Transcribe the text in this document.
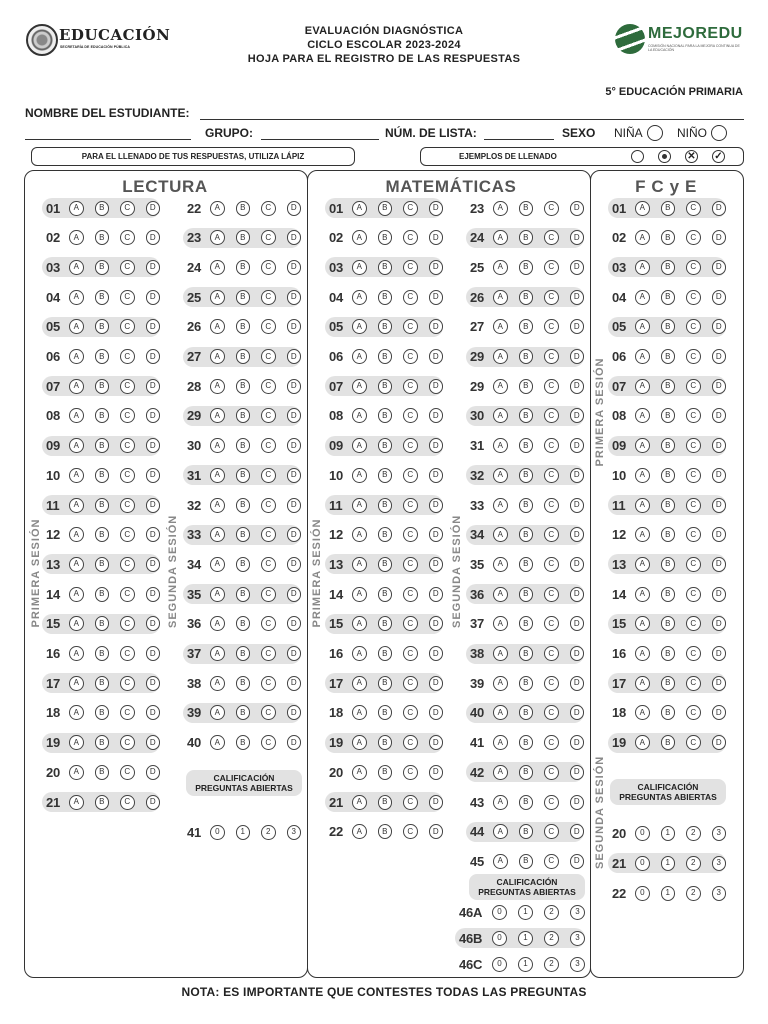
EDUCACIÓN
SECRETARÍA DE EDUCACIÓN PÚBLICA
EVALUACIÓN DIAGNÓSTICA
CICLO ESCOLAR 2023-2024
HOJA PARA EL REGISTRO DE LAS RESPUESTAS
MEJOREDU
COMISIÓN NACIONAL PARA LA MEJORA CONTINUA DE LA EDUCACIÓN
5° EDUCACIÓN PRIMARIA
NOMBRE DEL ESTUDIANTE:
GRUPO:	NÚM. DE LISTA:	SEXO NIÑA	NIÑO
PARA EL LLENADO DE TUS RESPUESTAS, UTILIZA LÁPIZ	EJEMPLOS DE LLENADO	✕ ✓
LECTURA	MATEMÁTICAS	F C y E
PRIMERA SESIÓN	SEGUNDA SESIÓN	PRIMERA SESIÓN	SEGUNDA SESIÓN
PRIMERA SESIÓN
SEGUNDA SESIÓN
CALIFICACIÓN
PREGUNTAS ABIERTAS
CALIFICACIÓN
PREGUNTAS ABIERTAS
CALIFICACIÓN
PREGUNTAS ABIERTAS
01	A	B	C	D
02	A	B	C	D
03	A	B	C	D
04	A	B	C	D
05	A	B	C	D
06	A	B	C	D
07	A	B	C	D
08	A	B	C	D
09	A	B	C	D
10	A	B	C	D
11	A	B	C	D
12	A	B	C	D
13	A	B	C	D
14	A	B	C	D
15	A	B	C	D
16	A	B	C	D
17	A	B	C	D
18	A	B	C	D
19	A	B	C	D
20	A	B	C	D
21	A	B	C	D
22	A	B	C	D
23	A	B	C	D
24	A	B	C	D
25	A	B	C	D
26	A	B	C	D
27	A	B	C	D
28	A	B	C	D
29	A	B	C	D
30	A	B	C	D
31	A	B	C	D
32	A	B	C	D
33	A	B	C	D
34	A	B	C	D
35	A	B	C	D
36	A	B	C	D
37	A	B	C	D
38	A	B	C	D
39	A	B	C	D
40	A	B	C	D
41	0	1	2	3
01	A	B	C	D
02	A	B	C	D
03	A	B	C	D
04	A	B	C	D
05	A	B	C	D
06	A	B	C	D
07	A	B	C	D
08	A	B	C	D
09	A	B	C	D
10	A	B	C	D
11	A	B	C	D
12	A	B	C	D
13	A	B	C	D
14	A	B	C	D
15	A	B	C	D
16	A	B	C	D
17	A	B	C	D
18	A	B	C	D
19	A	B	C	D
20	A	B	C	D
21	A	B	C	D
22	A	B	C	D
23	A	B	C	D
24	A	B	C	D
25	A	B	C	D
26	A	B	C	D
27	A	B	C	D
29	A	B	C	D
29	A	B	C	D
30	A	B	C	D
31	A	B	C	D
32	A	B	C	D
33	A	B	C	D
34	A	B	C	D
35	A	B	C	D
36	A	B	C	D
37	A	B	C	D
38	A	B	C	D
39	A	B	C	D
40	A	B	C	D
41	A	B	C	D
42	A	B	C	D
43	A	B	C	D
44	A	B	C	D
45	A	B	C	D
46A	0	1	2	3
46B	0	1	2	3
46C	0	1	2	3
01	A	B	C	D
02	A	B	C	D
03	A	B	C	D
04	A	B	C	D
05	A	B	C	D
06	A	B	C	D
07	A	B	C	D
08	A	B	C	D
09	A	B	C	D
10	A	B	C	D
11	A	B	C	D
12	A	B	C	D
13	A	B	C	D
14	A	B	C	D
15	A	B	C	D
16	A	B	C	D
17	A	B	C	D
18	A	B	C	D
19	A	B	C	D
20	0	1	2	3
21	0	1	2	3
22	0	1	2	3
NOTA: ES IMPORTANTE QUE CONTESTES TODAS LAS PREGUNTAS
